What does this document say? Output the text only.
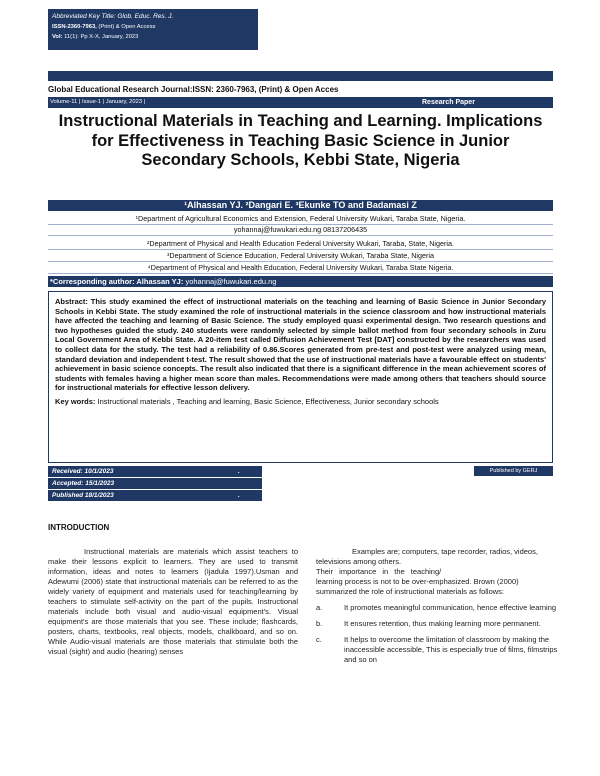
Abbreviated Key Title: Glob. Educ. Res. J.
ISSN-2360-7963, (Print) & Open Access
Vol: 11(1): Pp X-X, January, 2023
Global Educational Research Journal:ISSN: 2360-7963, (Print) & Open Acces
Volume-11 | Issue-1 | January, 2023 |	Research Paper
Instructional Materials in Teaching and Learning. Implications for Effectiveness in Teaching Basic Science in Junior Secondary Schools, Kebbi State, Nigeria
¹Alhassan YJ. ²Dangari E. ³Ekunke TO and Badamasi Z
¹Department of Agricultural Economics and Extension, Federal University Wukari, Taraba State, Nigeria.
yohannaj@fuwukari.edu.ng 08137206435
²Department of Physical and Health Education Federal University Wukari, Taraba, State, Nigeria.
³Department of Science Education, Federal University Wukari, Taraba State, Nigeria
⁴Department of Physical and Health Education, Federal University Wukari, Taraba State Nigeria.
*Corresponding author: Alhassan YJ: yohannaj@fuwukari.edu.ng
Abstract: This study examined the effect of instructional materials on the teaching and learning of Basic Science in Junior Secondary Schools in Kebbi State. The study examined the role of instructional materials in the science classroom and how instructional materials have affected the teaching and learning of Basic Science. The study employed quasi experimental design. Two research questions and two hypotheses guided the study. 240 students were randomly selected by simple ballot method from four secondary schools in Zuru Local Government Area of Kebbi State. A 20-item test called Diffusion Achievement Test [DAT] constructed by the researchers was used to collect data for the study. The test had a reliability of 0.86.Scores generated from pre-test and post-test were analyzed using mean, standard deviation and independent t-test. The result showed that the use of instructional materials have a favourable effect on students' achievement in basic science concepts. The result also indicated that there is a significant difference in the mean achievement scores of students with females having a higher mean score than males. Recommendations were made among others that teachers should source for instructional materials for effective lesson delivery.
Key words: Instructional materials , Teaching and learning, Basic Science, Effectiveness, Junior secondary schools
Received: 10/1/2023	.
Accepted: 15/1/2023
Published 18/1/2023	.
Published by GERJ
INTRODUCTION

Instructional materials are materials which assist teachers to make their lessons explicit to learners. They are used to transmit information, ideas and notes to learners (Ijadula 1997).Usman and Adewumi (2006) state that instructional materials can be referred to as the widely variety of equipment and materials used for teaching/learning by teachers to stimulate self-activity on the part of the pupils. Instructional materials include both visual and audio-visual equipment's. Visual equipment's are those materials that you see. These include; flashcards, posters, charts, textbooks, real objects, models, chalkboard, and so on. While Audio-visual materials are those materials that stimulate both the visual (sight) and audio (hearing) senses

Examples are; computers, tape recorder, radios, videos, televisions among others.

Their importance in the teaching/

learning process is not to be over-emphasized. Brown (2000) summarized the role of instructional materials as follows:

a.	It promotes meaningful communication, hence effective learning
b.	It ensures retention, thus making learning more permanent.
c.	It helps to overcome the limitation of classroom by making the inaccessible accessible, This is especially true of films, filmstrips and so on
